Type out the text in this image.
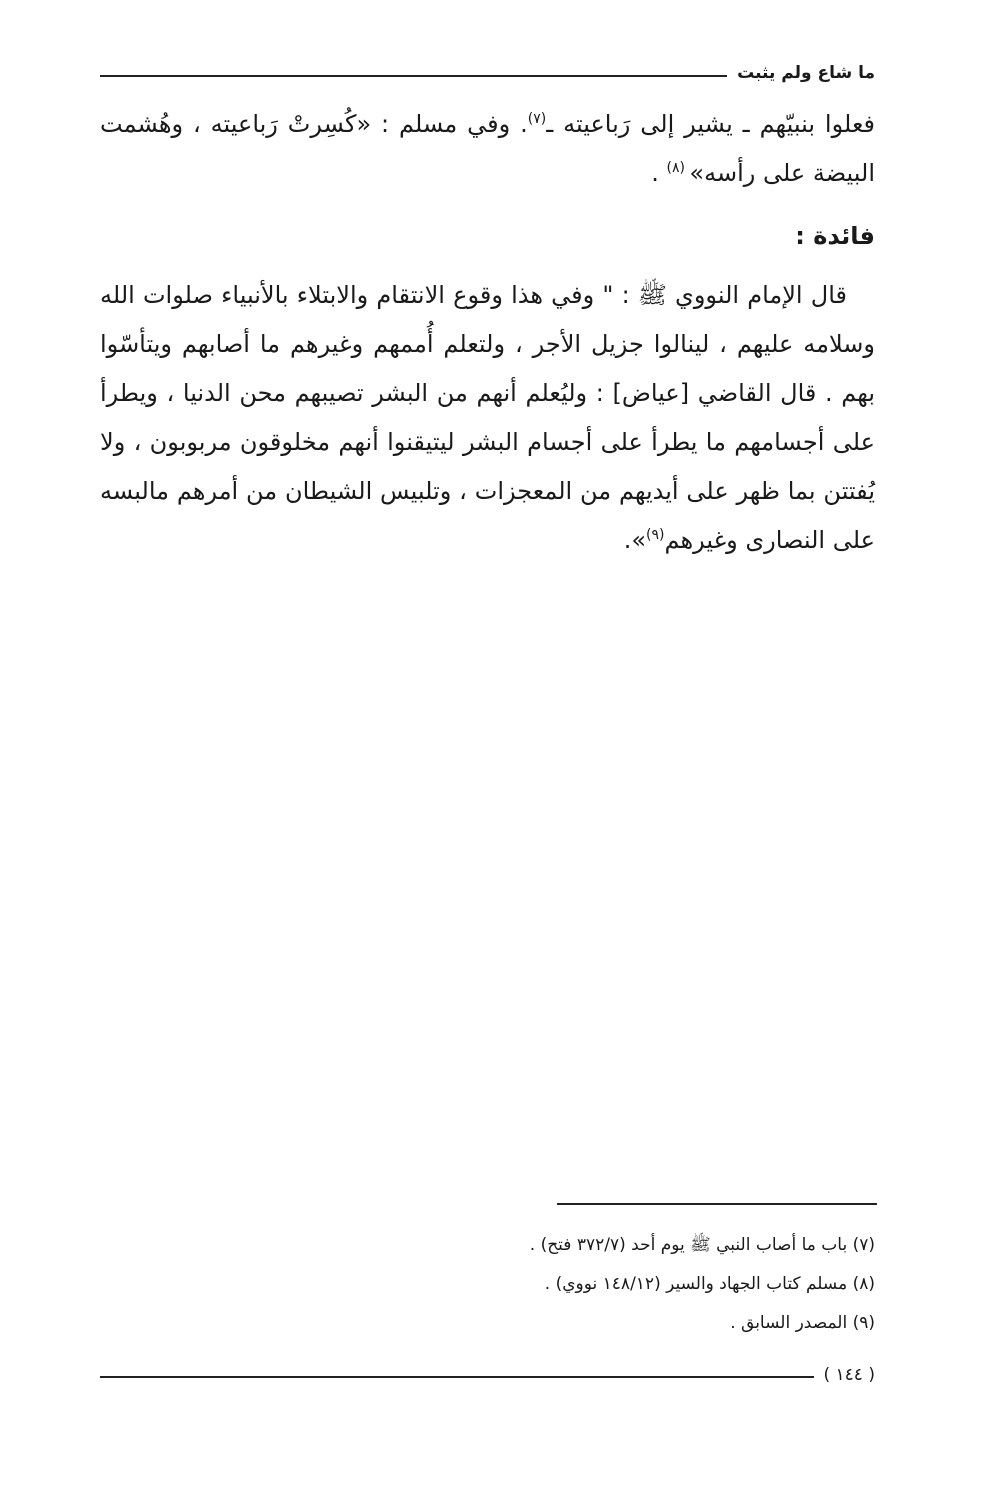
ما شاع ولم يثبت

فعلوا بنبيّهم ـ يشير إلى رَباعيته ـ$^{(٧)}$. وفي مسلم : «كُسِرتْ رَباعيته ، وهُشمت البيضة على رأسه» $^{(٨)}$ .

فائدة :

قال الإمام النووي ﷺ : " وفي هذا وقوع الانتقام والابتلاء بالأنبياء صلوات الله وسلامه عليهم ، لينالوا جزيل الأجر ، ولتعلم أُممهم وغيرهم ما أصابهم ويتأسّوا بهم . قال القاضي [عياض] : وليُعلم أنهم من البشر تصيبهم محن الدنيا ، ويطرأ على أجسامهم ما يطرأ على أجسام البشر ليتيقنوا أنهم مخلوقون مربوبون ، ولا يُفتتن بما ظهر على أيديهم من المعجزات ، وتلبيس الشيطان من أمرهم مالبسه على النصارى وغيرهم$^{(٩)}$».

(٧) باب ما أصاب النبي ﷺ يوم أحد (٣٧٢/٧ فتح) .

(٨) مسلم كتاب الجهاد والسير (١٤٨/١٢ نووي) .

(٩) المصدر السابق .

( ١٤٤ )
